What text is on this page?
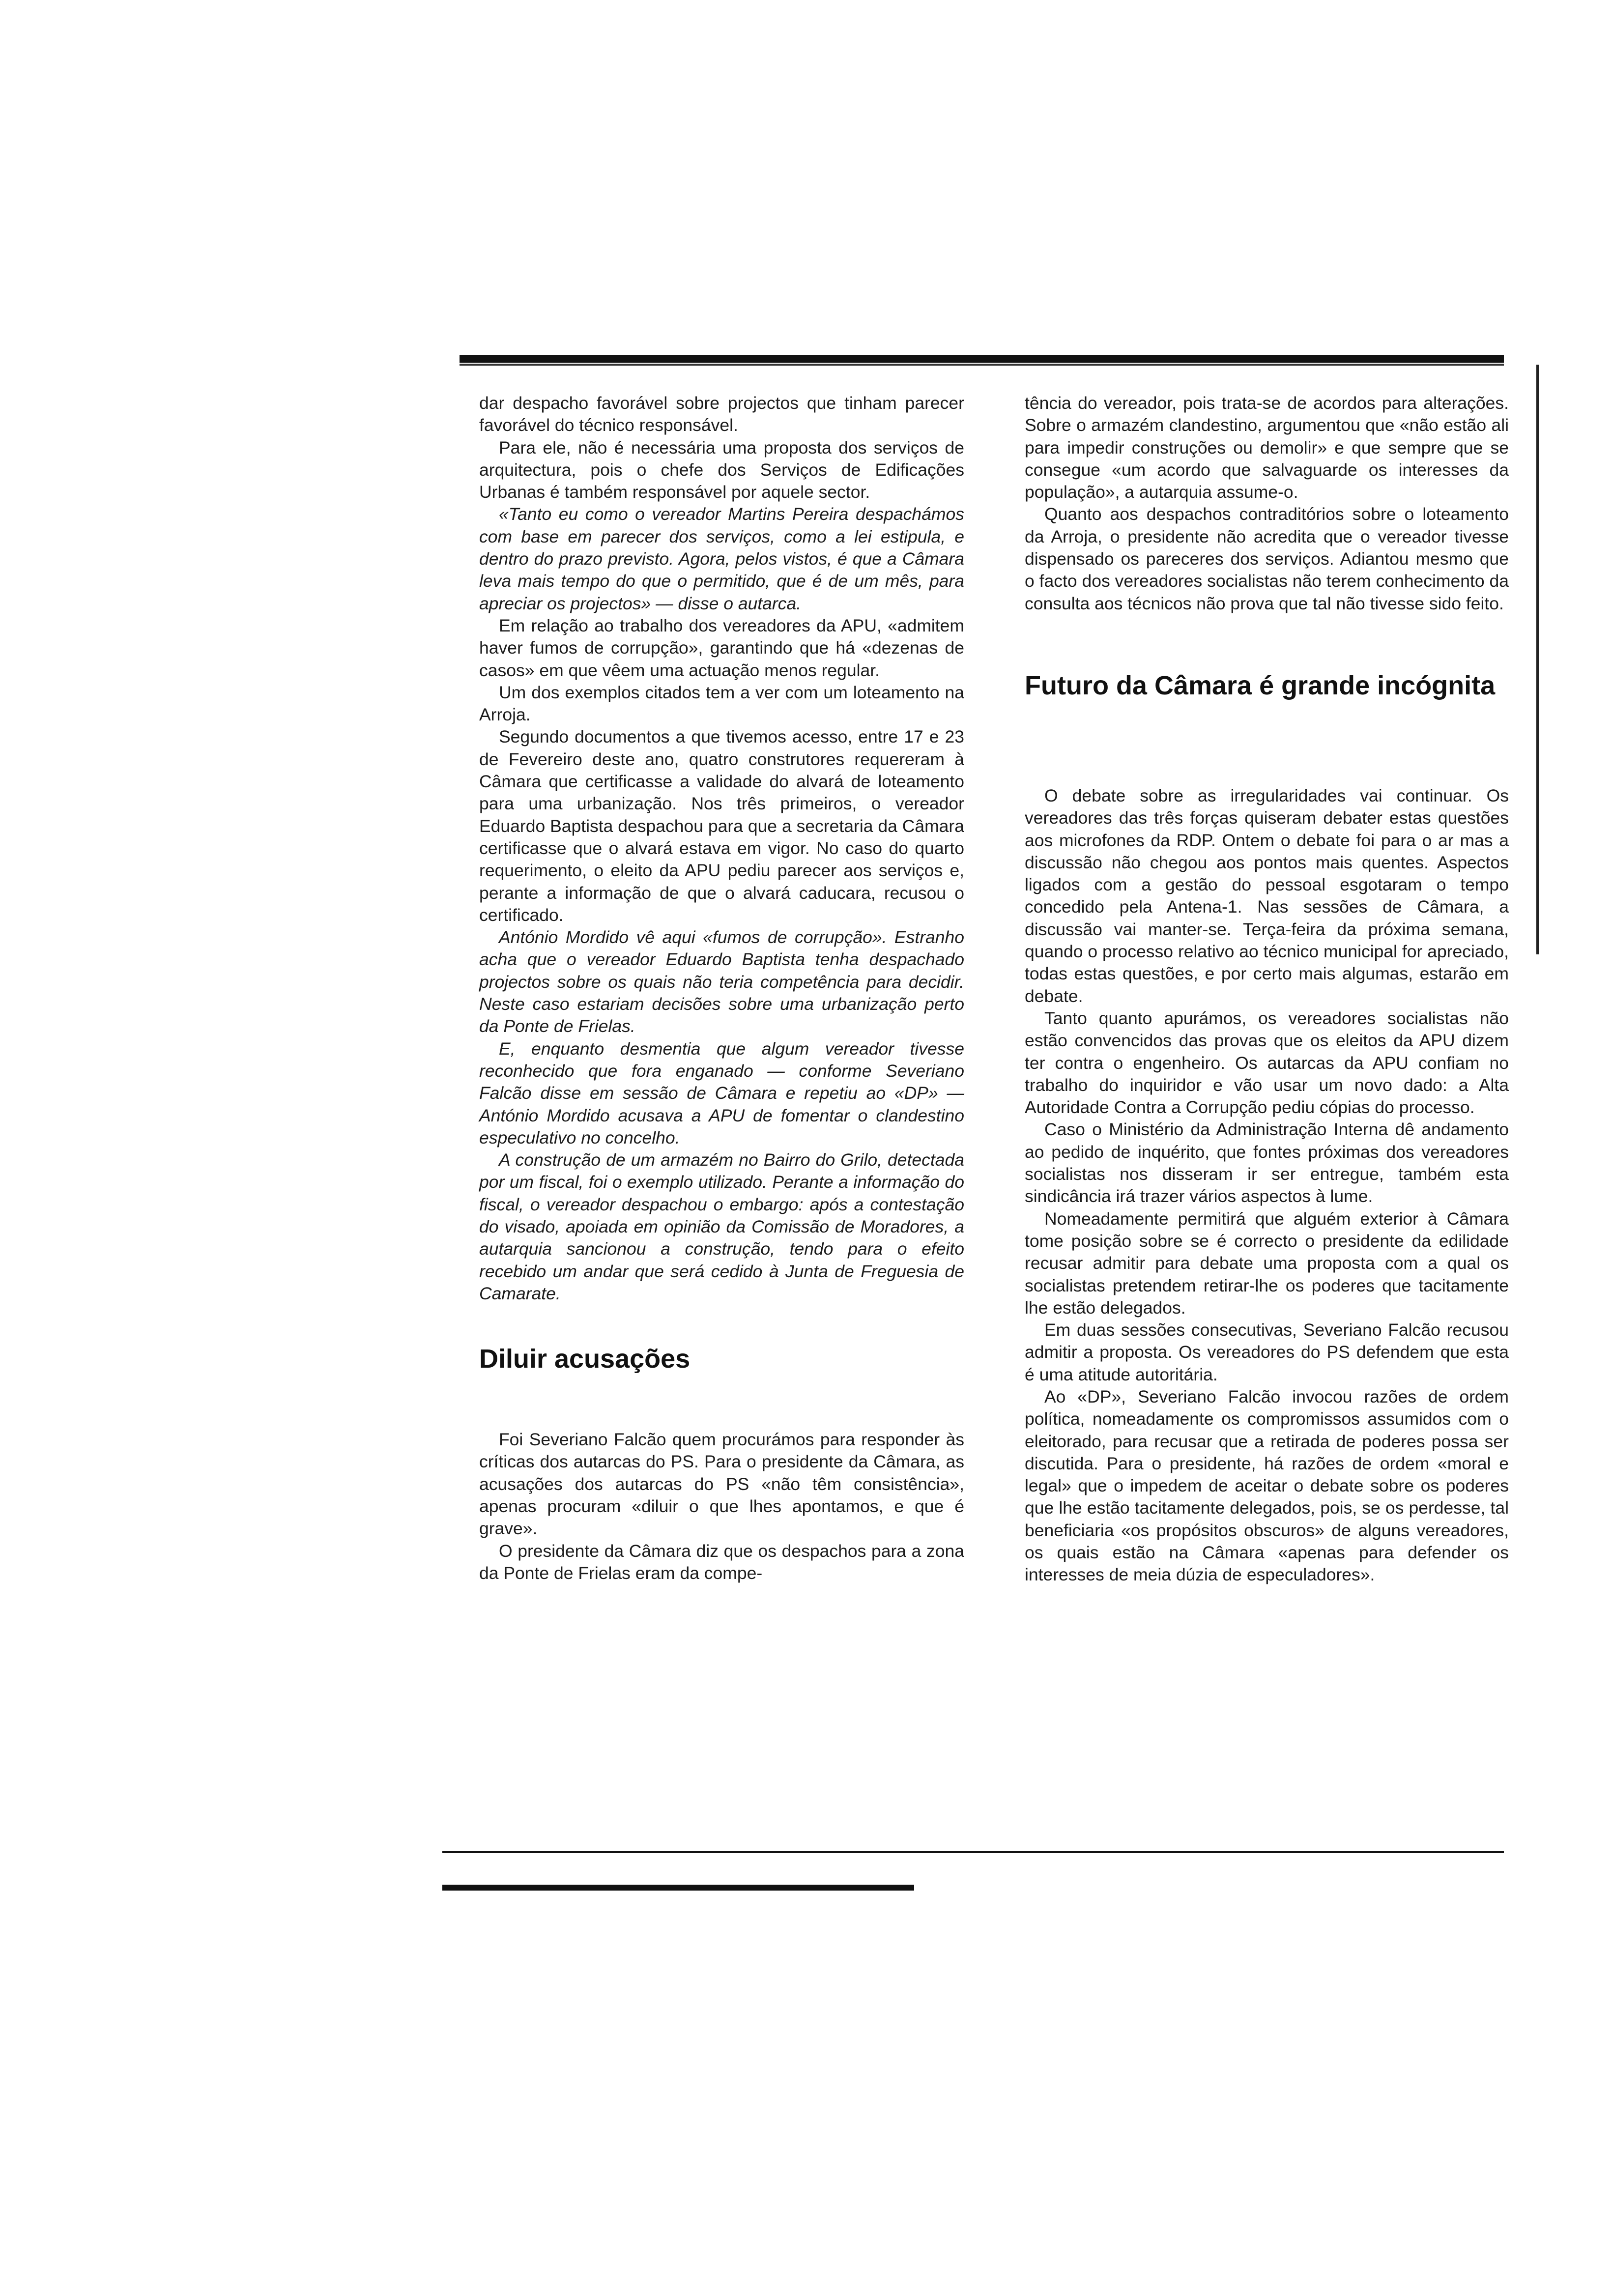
dar despacho favorável sobre projectos que tinham parecer favorável do técnico responsável.

Para ele, não é necessária uma proposta dos serviços de arquitectura, pois o chefe dos Serviços de Edificações Urbanas é também responsável por aquele sector.

«Tanto eu como o vereador Martins Pereira despachámos com base em parecer dos serviços, como a lei estipula, e dentro do prazo previsto. Agora, pelos vistos, é que a Câmara leva mais tempo do que o permitido, que é de um mês, para apreciar os projectos» — disse o autarca.

Em relação ao trabalho dos vereadores da APU, «admitem haver fumos de corrupção», garantindo que há «dezenas de casos» em que vêem uma actuação menos regular.

Um dos exemplos citados tem a ver com um loteamento na Arroja.

Segundo documentos a que tivemos acesso, entre 17 e 23 de Fevereiro deste ano, quatro construtores requereram à Câmara que certificasse a validade do alvará de loteamento para uma urbanização. Nos três primeiros, o vereador Eduardo Baptista despachou para que a secretaria da Câmara certificasse que o alvará estava em vigor. No caso do quarto requerimento, o eleito da APU pediu parecer aos serviços e, perante a informação de que o alvará caducara, recusou o certificado.

António Mordido vê aqui «fumos de corrupção». Estranho acha que o vereador Eduardo Baptista tenha despachado projectos sobre os quais não teria competência para decidir. Neste caso estariam decisões sobre uma urbanização perto da Ponte de Frielas.

E, enquanto desmentia que algum vereador tivesse reconhecido que fora enganado — conforme Severiano Falcão disse em sessão de Câmara e repetiu ao «DP» — António Mordido acusava a APU de fomentar o clandestino especulativo no concelho.

A construção de um armazém no Bairro do Grilo, detectada por um fiscal, foi o exemplo utilizado. Perante a informação do fiscal, o vereador despachou o embargo: após a contestação do visado, apoiada em opinião da Comissão de Moradores, a autarquia sancionou a construção, tendo para o efeito recebido um andar que será cedido à Junta de Freguesia de Camarate.

Diluir acusações

Foi Severiano Falcão quem procurámos para responder às críticas dos autarcas do PS. Para o presidente da Câmara, as acusações dos autarcas do PS «não têm consistência», apenas procuram «diluir o que lhes apontamos, e que é grave».

O presidente da Câmara diz que os despachos para a zona da Ponte de Frielas eram da compe-

tência do vereador, pois trata-se de acordos para alterações. Sobre o armazém clandestino, argumentou que «não estão ali para impedir construções ou demolir» e que sempre que se consegue «um acordo que salvaguarde os interesses da população», a autarquia assume-o.

Quanto aos despachos contraditórios sobre o loteamento da Arroja, o presidente não acredita que o vereador tivesse dispensado os pareceres dos serviços. Adiantou mesmo que o facto dos vereadores socialistas não terem conhecimento da consulta aos técnicos não prova que tal não tivesse sido feito.

Futuro da Câmara é grande incógnita

O debate sobre as irregularidades vai continuar. Os vereadores das três forças quiseram debater estas questões aos microfones da RDP. Ontem o debate foi para o ar mas a discussão não chegou aos pontos mais quentes. Aspectos ligados com a gestão do pessoal esgotaram o tempo concedido pela Antena-1. Nas sessões de Câmara, a discussão vai manter-se. Terça-feira da próxima semana, quando o processo relativo ao técnico municipal for apreciado, todas estas questões, e por certo mais algumas, estarão em debate.

Tanto quanto apurámos, os vereadores socialistas não estão convencidos das provas que os eleitos da APU dizem ter contra o engenheiro. Os autarcas da APU confiam no trabalho do inquiridor e vão usar um novo dado: a Alta Autoridade Contra a Corrupção pediu cópias do processo.

Caso o Ministério da Administração Interna dê andamento ao pedido de inquérito, que fontes próximas dos vereadores socialistas nos disseram ir ser entregue, também esta sindicância irá trazer vários aspectos à lume.

Nomeadamente permitirá que alguém exterior à Câmara tome posição sobre se é correcto o presidente da edilidade recusar admitir para debate uma proposta com a qual os socialistas pretendem retirar-lhe os poderes que tacitamente lhe estão delegados.

Em duas sessões consecutivas, Severiano Falcão recusou admitir a proposta. Os vereadores do PS defendem que esta é uma atitude autoritária.

Ao «DP», Severiano Falcão invocou razões de ordem política, nomeadamente os compromissos assumidos com o eleitorado, para recusar que a retirada de poderes possa ser discutida. Para o presidente, há razões de ordem «moral e legal» que o impedem de aceitar o debate sobre os poderes que lhe estão tacitamente delegados, pois, se os perdesse, tal beneficiaria «os propósitos obscuros» de alguns vereadores, os quais estão na Câmara «apenas para defender os interesses de meia dúzia de especuladores».
